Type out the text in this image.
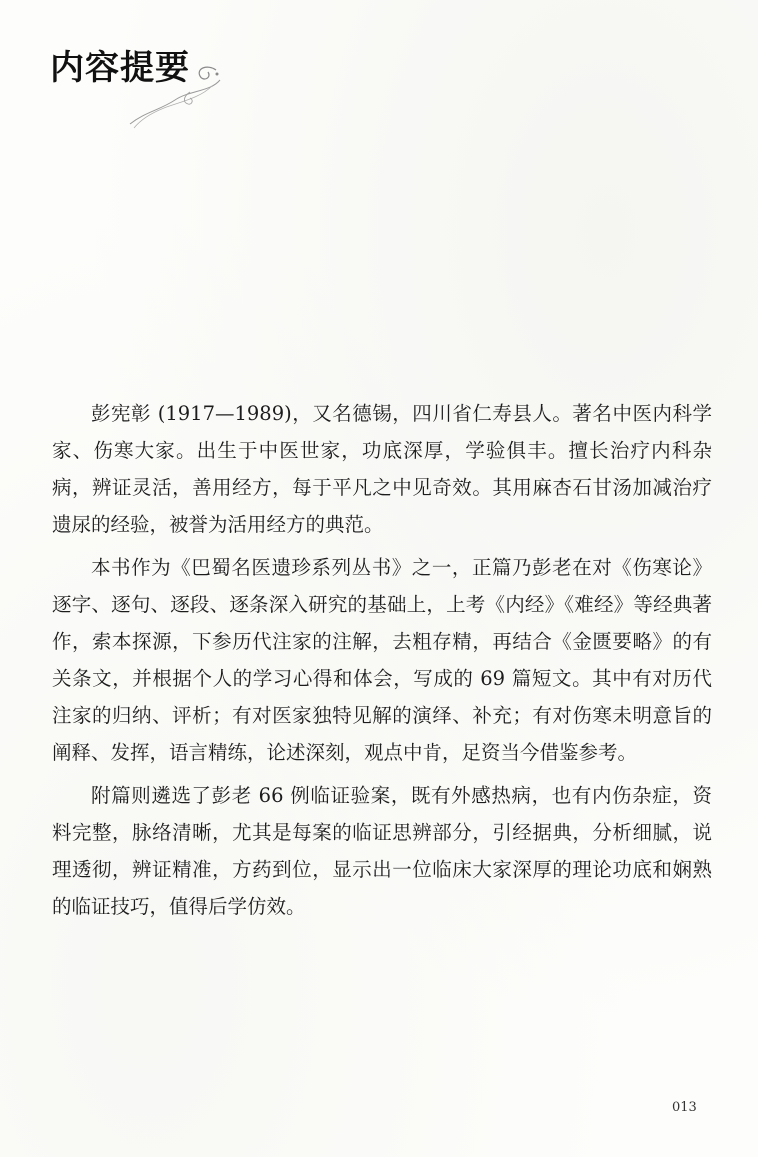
内容提要

彭宪彰 (1917—1989)，又名德锡，四川省仁寿县人。著名中医内科学家、伤寒大家。出生于中医世家，功底深厚，学验俱丰。擅长治疗内科杂病，辨证灵活，善用经方，每于平凡之中见奇效。其用麻杏石甘汤加减治疗遗尿的经验，被誉为活用经方的典范。

本书作为《巴蜀名医遗珍系列丛书》之一，正篇乃彭老在对《伤寒论》逐字、逐句、逐段、逐条深入研究的基础上，上考《内经》《难经》等经典著作，索本探源，下参历代注家的注解，去粗存精，再结合《金匮要略》的有关条文，并根据个人的学习心得和体会，写成的 69 篇短文。其中有对历代注家的归纳、评析；有对医家独特见解的演绎、补充；有对伤寒未明意旨的阐释、发挥，语言精练，论述深刻，观点中肯，足资当今借鉴参考。

附篇则遴选了彭老 66 例临证验案，既有外感热病，也有内伤杂症，资料完整，脉络清晰，尤其是每案的临证思辨部分，引经据典，分析细腻，说理透彻，辨证精准，方药到位，显示出一位临床大家深厚的理论功底和娴熟的临证技巧，值得后学仿效。

013
